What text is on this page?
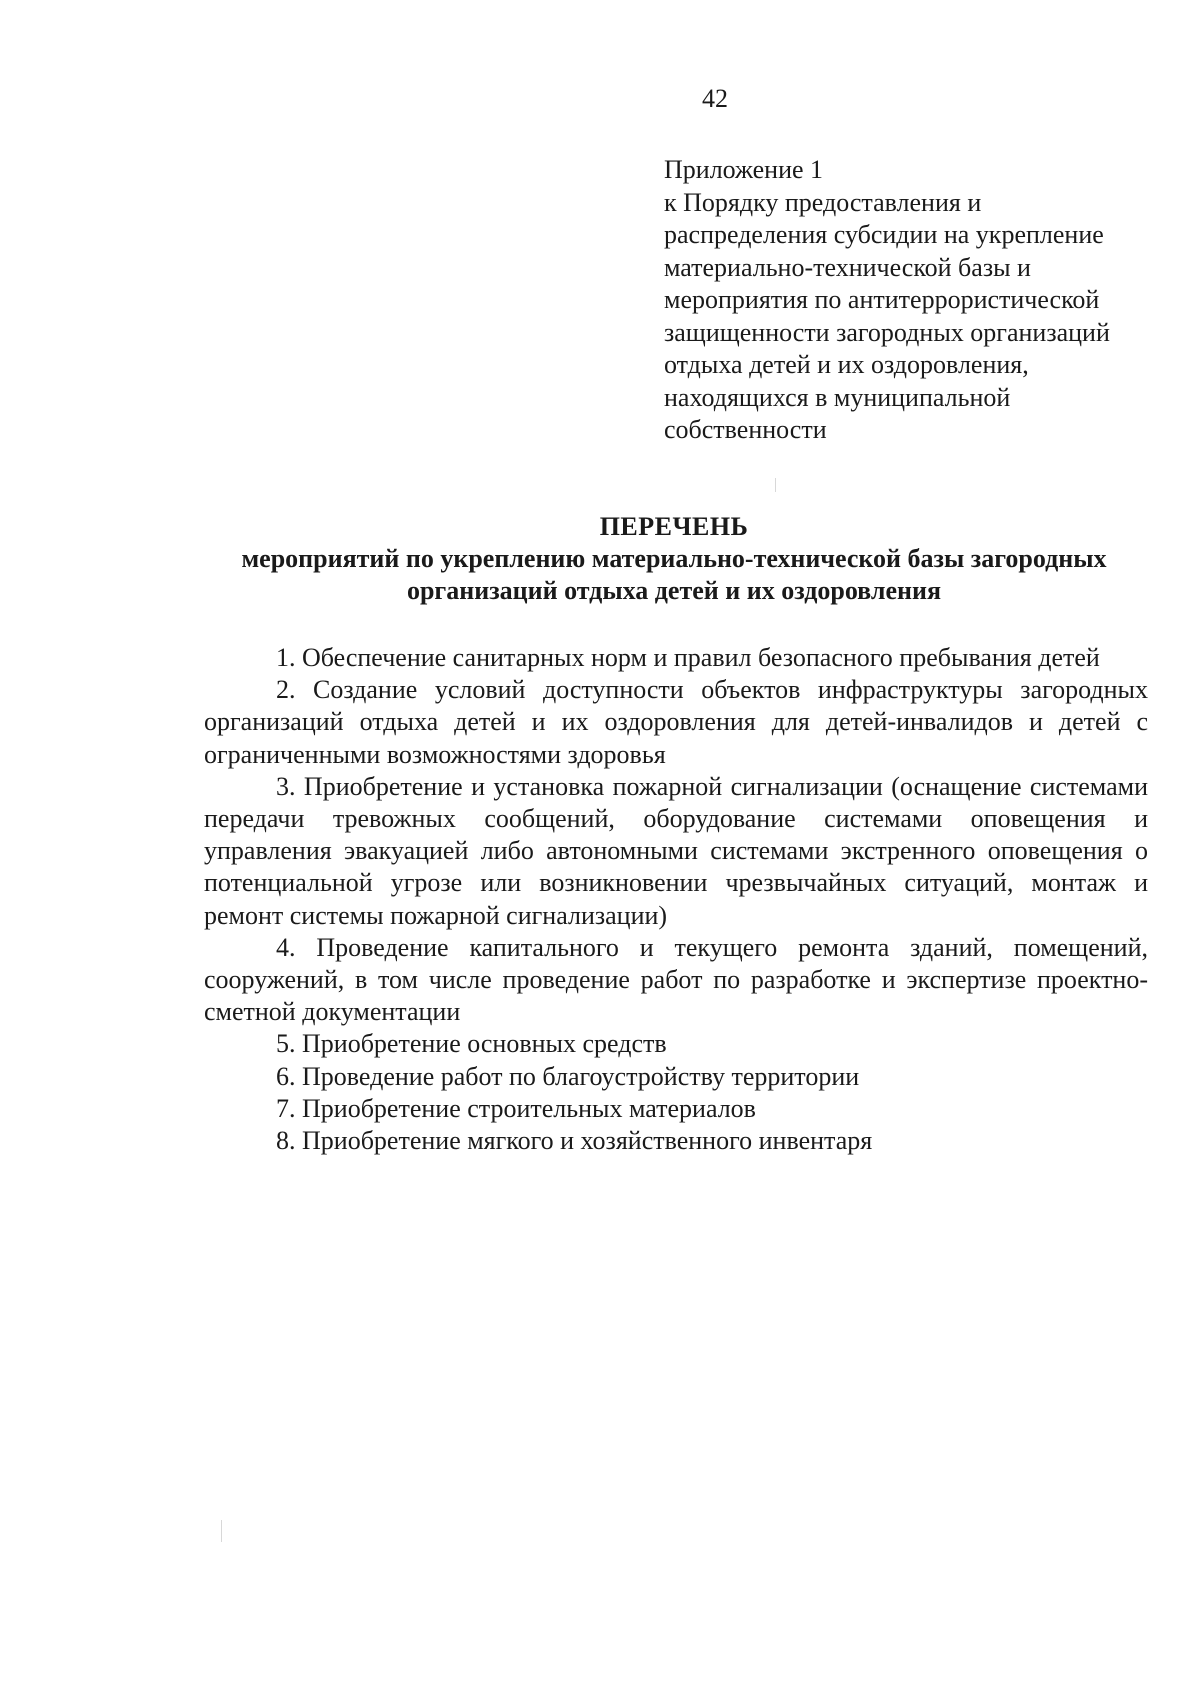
42
Приложение 1
к Порядку предоставления и
распределения субсидии на укрепление
материально-технической базы и
мероприятия по антитеррористической
защищенности загородных организаций
отдыха детей и их оздоровления,
находящихся в муниципальной
собственности
ПЕРЕЧЕНЬ
мероприятий по укреплению материально-технической базы загородных
организаций отдыха детей и их оздоровления

1. Обеспечение санитарных норм и правил безопасного пребывания детей

2. Создание условий доступности объектов инфраструктуры загородных организаций отдыха детей и их оздоровления для детей-инвалидов и детей с ограниченными возможностями здоровья

3. Приобретение и установка пожарной сигнализации (оснащение системами передачи тревожных сообщений, оборудование системами оповещения и управления эвакуацией либо автономными системами экстренного оповещения о потенциальной угрозе или возникновении чрезвычайных ситуаций, монтаж и ремонт системы пожарной сигнализации)

4. Проведение капитального и текущего ремонта зданий, помещений, сооружений, в том числе проведение работ по разработке и экспертизе проектно-сметной документации

5. Приобретение основных средств

6. Проведение работ по благоустройству территории

7. Приобретение строительных материалов

8. Приобретение мягкого и хозяйственного инвентаря
